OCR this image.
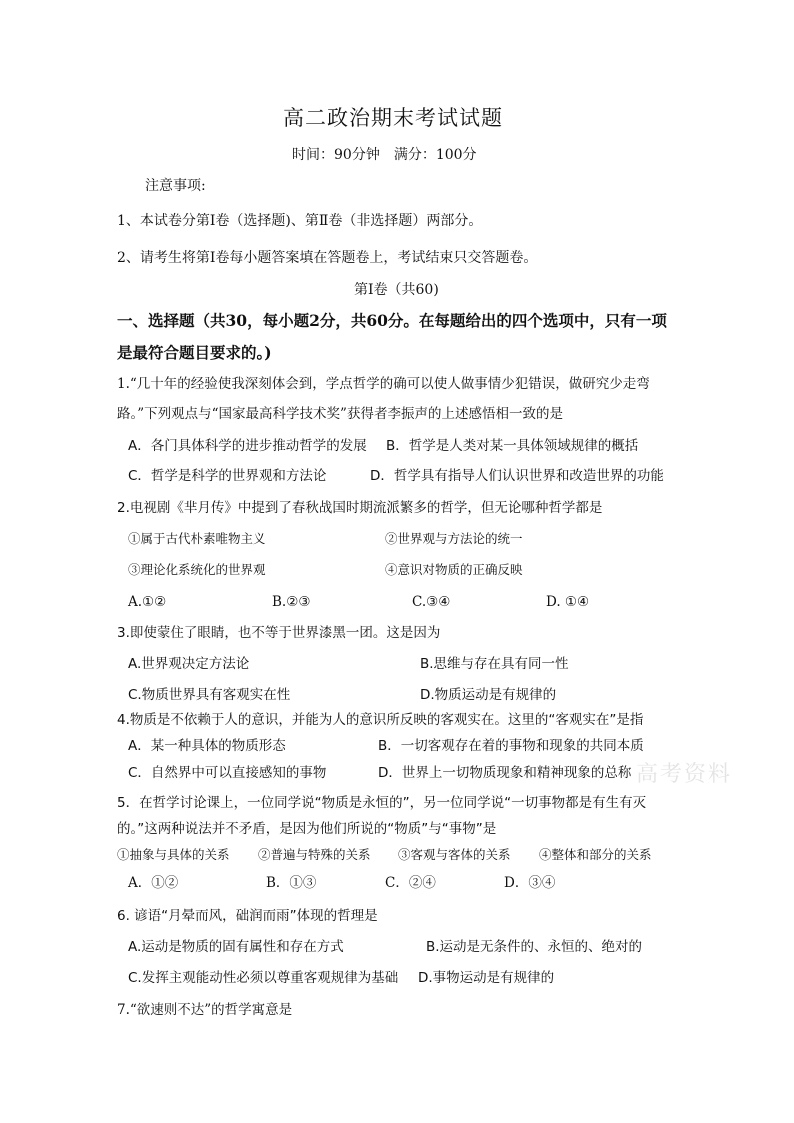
高二政治期末考试试题
时间：90分钟　满分：100分
注意事项:
1、本试卷分第Ⅰ卷（选择题)、第Ⅱ卷（非选择题）两部分。
2、请考生将第Ⅰ卷每小题答案填在答题卷上，考试结束只交答题卷。
第Ⅰ卷（共60)
一、选择题（共30，每小题2分，共60分。在每题给出的四个选项中，只有一项
是最符合题目要求的。)
1.“几十年的经验使我深刻体会到，学点哲学的确可以使人做事情少犯错误，做研究少走弯
路。”下列观点与“国家最高科学技术奖”获得者李振声的上述感悟相一致的是
A．各门具体科学的进步推动哲学的发展 B．哲学是人类对某一具体领域规律的概括
C．哲学是科学的世界观和方法论	D．哲学具有指导人们认识世界和改造世界的功能
2.电视剧《芈月传》中提到了春秋战国时期流派繁多的哲学，但无论哪种哲学都是
①属于古代朴素唯物主义	②世界观与方法论的统一
③理论化系统化的世界观	④意识对物质的正确反映
A.①②	B.②③	C.③④	D. ①④
3.即使蒙住了眼睛，也不等于世界漆黑一团。这是因为
A.世界观决定方法论	B.思维与存在具有同一性
C.物质世界具有客观实在性	D.物质运动是有规律的
4.物质是不依赖于人的意识，并能为人的意识所反映的客观实在。这里的“客观实在”是指
A．某一种具体的物质形态	B．一切客观存在着的事物和现象的共同本质
C．自然界中可以直接感知的事物	D．世界上一切物质现象和精神现象的总称
5．在哲学讨论课上，一位同学说“物质是永恒的”，另一位同学说“一切事物都是有生有灭
的。”这两种说法并不矛盾，是因为他们所说的“物质”与“事物”是
①抽象与具体的关系 ②普遍与特殊的关系 ③客观与客体的关系 ④整体和部分的关系
A．①②	B．①③	C．②④	D．③④
6. 谚语“月晕而风，础润而雨”体现的哲理是
A.运动是物质的固有属性和存在方式	B.运动是无条件的、永恒的、绝对的
C.发挥主观能动性必须以尊重客观规律为基础 D.事物运动是有规律的
7.“欲速则不达”的哲学寓意是
高考资料
